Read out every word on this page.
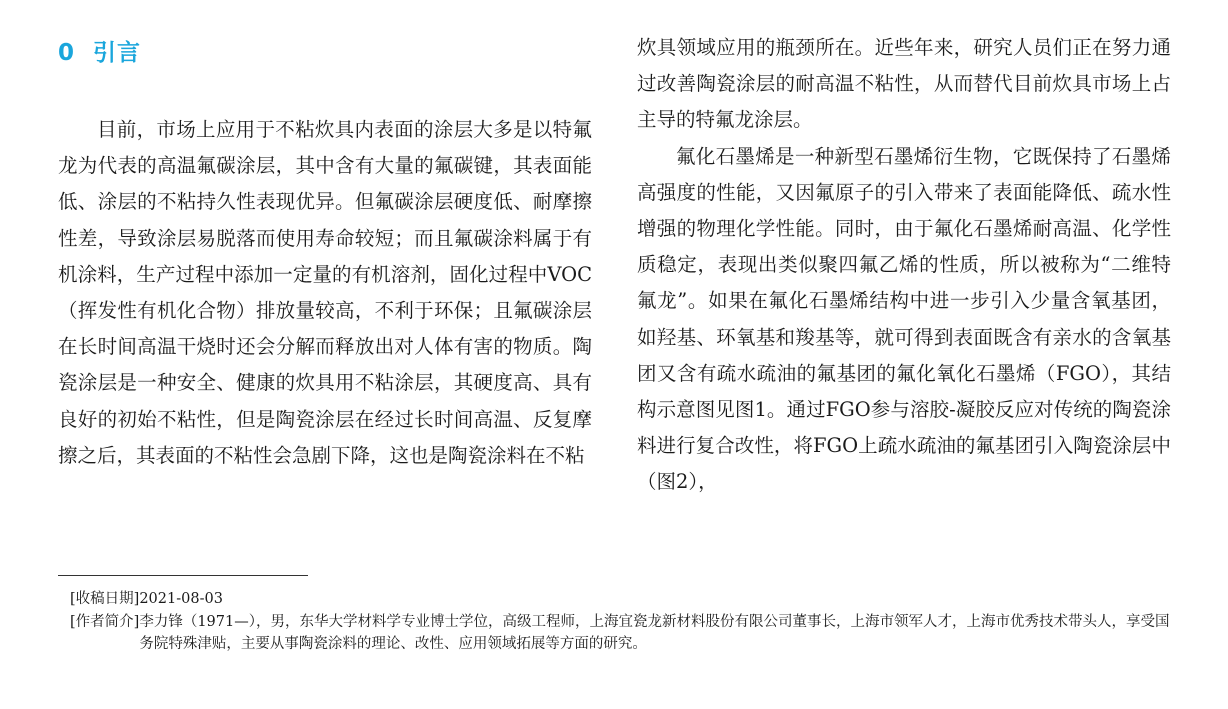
0 引言

目前，市场上应用于不粘炊具内表面的涂层大多是以特氟龙为代表的高温氟碳涂层，其中含有大量的氟碳键，其表面能低、涂层的不粘持久性表现优异。但氟碳涂层硬度低、耐摩擦性差，导致涂层易脱落而使用寿命较短；而且氟碳涂料属于有机涂料，生产过程中添加一定量的有机溶剂，固化过程中VOC（挥发性有机化合物）排放量较高，不利于环保；且氟碳涂层在长时间高温干烧时还会分解而释放出对人体有害的物质。陶瓷涂层是一种安全、健康的炊具用不粘涂层，其硬度高、具有良好的初始不粘性，但是陶瓷涂层在经过长时间高温、反复摩擦之后，其表面的不粘性会急剧下降，这也是陶瓷涂料在不粘

炊具领域应用的瓶颈所在。近些年来，研究人员们正在努力通过改善陶瓷涂层的耐高温不粘性，从而替代目前炊具市场上占主导的特氟龙涂层。

氟化石墨烯是一种新型石墨烯衍生物，它既保持了石墨烯高强度的性能，又因氟原子的引入带来了表面能降低、疏水性增强的物理化学性能。同时，由于氟化石墨烯耐高温、化学性质稳定，表现出类似聚四氟乙烯的性质，所以被称为“二维特氟龙”。如果在氟化石墨烯结构中进一步引入少量含氧基团，如羟基、环氧基和羧基等，就可得到表面既含有亲水的含氧基团又含有疏水疏油的氟基团的氟化氧化石墨烯（FGO），其结构示意图见图1。通过FGO参与溶胶-凝胶反应对传统的陶瓷涂料进行复合改性，将FGO上疏水疏油的氟基团引入陶瓷涂层中（图2），

[收稿日期] 2021-08-03
[作者简介] 李力锋（1971—），男，东华大学材料学专业博士学位，高级工程师，上海宜瓷龙新材料股份有限公司董事长，上海市领军人才，上海市优秀技术带头人，享受国务院特殊津贴，主要从事陶瓷涂料的理论、改性、应用领域拓展等方面的研究。
